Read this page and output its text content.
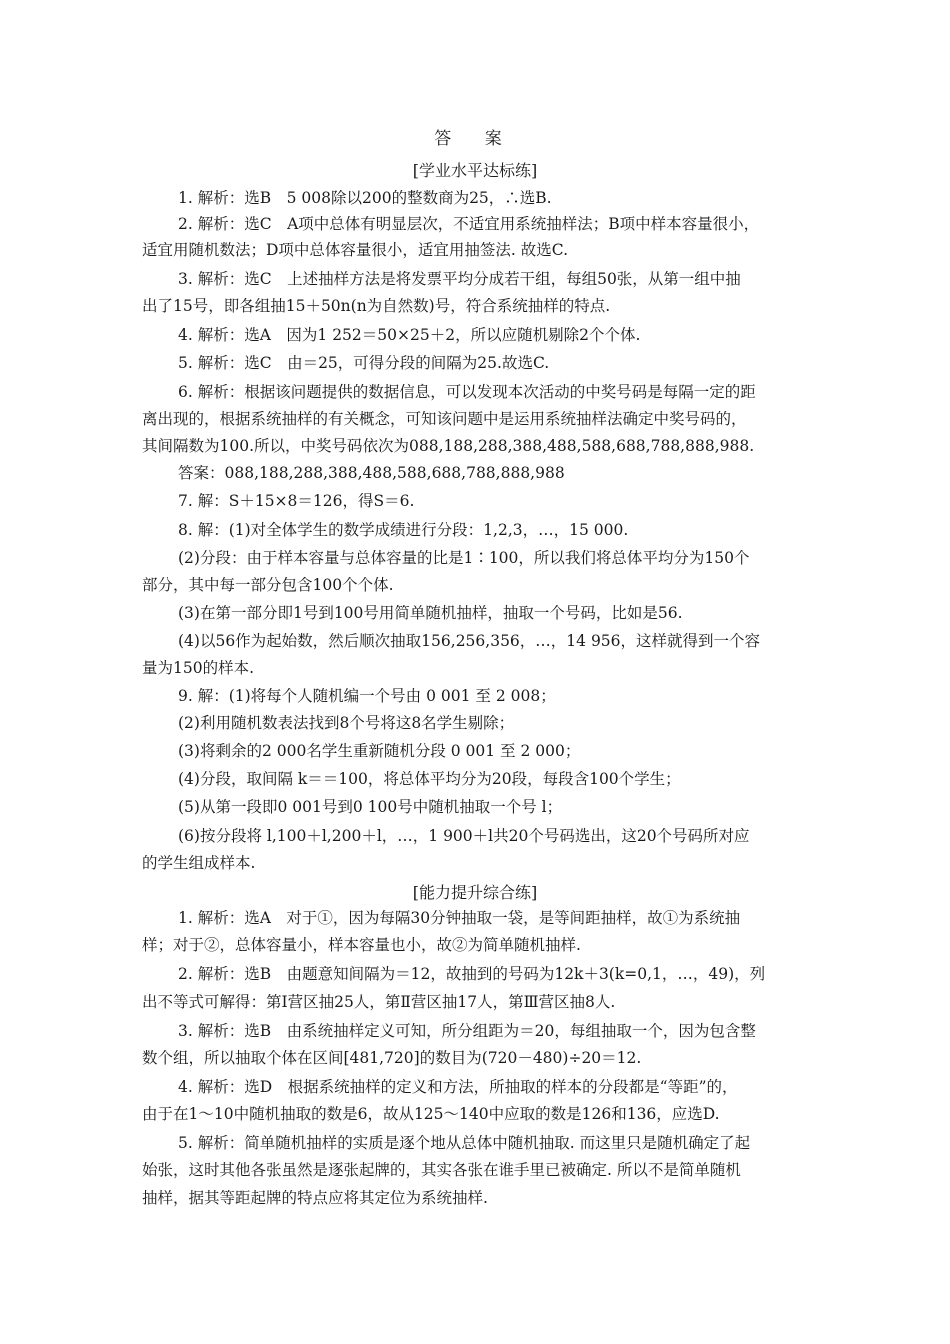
答 案
[学业水平达标练]
1. 解析：选B　5 008除以200的整数商为25，∴选B.
2. 解析：选C　A项中总体有明显层次，不适宜用系统抽样法；B项中样本容量很小，
适宜用随机数法；D项中总体容量很小，适宜用抽签法. 故选C.
3. 解析：选C　上述抽样方法是将发票平均分成若干组，每组50张，从第一组中抽
出了15号，即各组抽15＋50n(n为自然数)号，符合系统抽样的特点.
4. 解析：选A　因为1 252＝50×25＋2，所以应随机剔除2个个体.
5. 解析：选C　由＝25，可得分段的间隔为25.故选C.
6. 解析：根据该问题提供的数据信息，可以发现本次活动的中奖号码是每隔一定的距
离出现的，根据系统抽样的有关概念，可知该问题中是运用系统抽样法确定中奖号码的，
其间隔数为100.所以，中奖号码依次为088,188,288,388,488,588,688,788,888,988.
答案：088,188,288,388,488,588,688,788,888,988
7. 解：S＋15×8＝126，得S＝6.
8. 解：(1)对全体学生的数学成绩进行分段：1,2,3，…，15 000.
(2)分段：由于样本容量与总体容量的比是1∶100，所以我们将总体平均分为150个
部分，其中每一部分包含100个个体.
(3)在第一部分即1号到100号用简单随机抽样，抽取一个号码，比如是56.
(4)以56作为起始数，然后顺次抽取156,256,356，…，14 956，这样就得到一个容
量为150的样本.
9. 解：(1)将每个人随机编一个号由 0 001 至 2 008；
(2)利用随机数表法找到8个号将这8名学生剔除；
(3)将剩余的2 000名学生重新随机分段 0 001 至 2 000；
(4)分段，取间隔 k＝＝100，将总体平均分为20段，每段含100个学生；
(5)从第一段即0 001号到0 100号中随机抽取一个号 l；
(6)按分段将 l,100＋l,200＋l，…，1 900＋l共20个号码选出，这20个号码所对应
的学生组成样本.
[能力提升综合练]
1. 解析：选A　对于①，因为每隔30分钟抽取一袋，是等间距抽样，故①为系统抽
样；对于②，总体容量小，样本容量也小，故②为简单随机抽样.
2. 解析：选B　由题意知间隔为＝12，故抽到的号码为12k＋3(k=0,1，…，49)，列
出不等式可解得：第Ⅰ营区抽25人，第Ⅱ营区抽17人，第Ⅲ营区抽8人.
3. 解析：选B　由系统抽样定义可知，所分组距为＝20，每组抽取一个，因为包含整
数个组，所以抽取个体在区间[481,720]的数目为(720－480)÷20＝12.
4. 解析：选D　根据系统抽样的定义和方法，所抽取的样本的分段都是“等距”的，
由于在1～10中随机抽取的数是6，故从125～140中应取的数是126和136，应选D.
5. 解析：简单随机抽样的实质是逐个地从总体中随机抽取. 而这里只是随机确定了起
始张，这时其他各张虽然是逐张起牌的，其实各张在谁手里已被确定. 所以不是简单随机
抽样，据其等距起牌的特点应将其定位为系统抽样.
